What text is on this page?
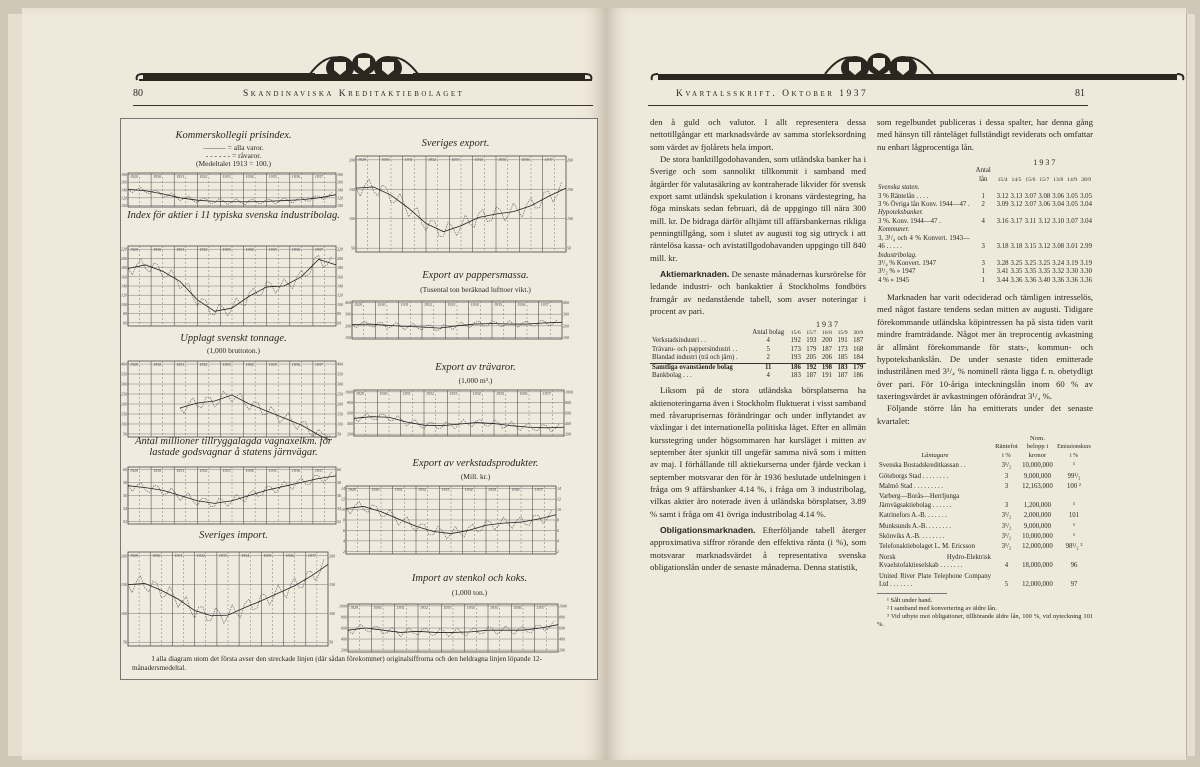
80	Skandinaviska Kreditaktiebolaget	Kvartalsskrift. Oktober 1937	81
Kommerskollegii prisindex.
——— = alla varor.
- - - - - - = råvaror.
(Medeltalet 1913 = 100.)
100	100
120	120
140	140
160	160
180	180
1929	1930	1931	1932	1933	1934	1935	1936	1937
Index för aktier i 11 typiska svenska industribolag.
60	60
80	80
100	100
120	120
140	140
160	160
180	180
200	200
220	220
1929	1930	1931	1932	1933	1934	1935	1936	1937
Upplagt svenskt tonnage.
(1,000 bruttoton.)
50	50
100	100
150	150
200	200
250	250
300	300
350	350
400	400
1929	1930	1931	1932	1933	1934	1935	1936	1937
Antal millioner tillryggalagda vagnaxelkm. för lastade godsvagnar å statens järnvägar.
52	52
54	54
56	56
58	58
60	60
1929	1930	1931	1932	1933	1934	1935	1936	1937
Sveriges import.
50	50
100	100
150	150
200	200
1929	1930	1931	1932	1933	1934	1935	1936	1937
Sveriges export.
50	50
100	100
150	150
200	200
1929	1930	1931	1932	1933	1934	1935	1936	1937
Export av pappersmassa.
(Tusental ton beräknad lufttoer vikt.)
100	100
200	200
300	300
400	400
1929	1930	1931	1932	1933	1934	1935	1936	1937
Export av trävaror.
(1,000 m³.)
200	200
400	400
600	600
800	800
1000	1000
1929	1930	1931	1932	1933	1934	1935	1936	1937
Export av verkstadsprodukter.
(Mill. kr.)
2	2
4	4
6	6
8	8
10	10
12	12
14	14
1929	1930	1931	1932	1933	1934	1935	1936	1937
Import av stenkol och koks.
(1,000 ton.)
200	200
400	400
600	600
800	800
1000	1000
1929	1930	1931	1932	1933	1934	1935	1936	1937
I alla diagram utom det första avser den streckade linjen (där sådan förekommer) originalsiffrorna och den heldragna linjen löpande 12-månadersmedeltal.

den å guld och valutor. I allt representera dessa nettotillgångar ett marknadsvärde av samma storleksordning som värdet av fjolårets hela import.

De stora banktillgodohavanden, som utländska banker ha i Sverige och som sannolikt tillkommit i samband med åtgärder för valutasäkring av kontraherade likvider för svensk export samt utländsk spekulation i kronans värdestegring, ha föga minskats sedan februari, då de uppgingo till nära 300 mill. kr. De bidraga därför alltjämt till affärsbankernas rikliga penningtillgång, som i slutet av augusti tog sig uttryck i att räntelösa kassa- och avistatillgodohavanden uppgingo till 840 mill. kr.

Aktiemarknaden. De senaste månadernas kursrörelse för ledande industri- och bankaktier å Stockholms fondbörs framgår av nedanstående tabell, som avser noteringar i procent av pari.

		1 9 3 7				
	Antal bolag	15/6	15/7	16/8	15/9	30/9
Verkstadsindustri . .	4	192	193	200	191	187
Trävaru- och pappersindustri . .	5	173	179	187	173	168
Blandad industri (trä och järn) .	2	193	205	206	185	184
Samtliga ovanstående bolag	11	186	192	198	183	179
Bankbolag . . .	4	183	187	191	187	186

Liksom på de stora utländska börsplatserna ha aktienoteringarna även i Stockholm fluktuerat i visst samband med råvaruprisernas förändringar och under inflytandet av växlingar i det internationella politiska läget. Efter en allmän kursstegring under högsommaren har kursläget i mitten av september åter sjunkit till ungefär samma nivå som i mitten av maj. I förhållande till aktiekurserna under fjärde veckan i september motsvarar den för år 1936 beslutade utdelningen i fråga om 9 affärsbanker 4.14 %, i fråga om 3 industribolag, vilkas aktier äro noterade även å utländska börsplatser, 3.89 % samt i fråga om 41 övriga industribolag 4.14 %.

Obligationsmarknaden. Efterföljande tabell återger approximativa siffror rörande den effektiva ränta (i %), som motsvarar marknadsvärdet å representativa svenska obligationslån under de senaste månaderna. Denna statistik,

som regelbundet publiceras i dessa spalter, har denna gång med hänsyn till ränteläget fullständigt reviderats och omfattar nu enbart lågprocentiga lån.

		1 9 3 7						
	Antal lån	15/4	14/5	15/6	15/7	13/8	14/9	30/9
Svenska staten.								
3 % Räntelån . . . .	1	3.12	3.13	3.07	3.08	3.06	3.05	3.05
3 % Övriga lån Konv. 1944—47 .	2	3.09	3.12	3.07	3.06	3.04	3.05	3.04
Hypoteksbanker.								
3 %. Konv. 1944—47 .	4	3.16	3.17	3.11	3.12	3.10	3.07	3.04
Kommuner.								
3, 3¹/₄ och 4 % Konvert. 1943—46 . . . . .	3	3.18	3.18	3.15	3.12	3.08	3.01	2.99
Industribolag.								
3¹/₄ % Konvert. 1947	3	3.28	3.25	3.25	3.25	3.24	3.19	3.19
3¹/₂ % » 1947	1	3.41	3.35	3.35	3.35	3.32	3.30	3.30
4 % » 1945	1	3.44	3.36	3.36	3.40	3.36	3.36	3.36

Marknaden har varit odeciderad och tämligen intresselös, med något fastare tendens sedan mitten av augusti. Tidigare förekommande utländska köpintressen ha på sista tiden varit mindre framträdande. Något mer än treprocentig avkastning är allmänt förekommande för stats-, kommun- och hypoteksbankslån. De under senaste tiden emitterade industrilånen med 3¹/₄ % nominell ränta ligga f. n. obetydligt över pari. För 10-åriga inteckningslån inom 60 % av taxeringsvärdet är avkastningen oförändrat 3¹/₄ %.

Följande större lån ha emitterats under det senaste kvartalet:

Låntagare	Räntefot i %	Nom. belopp i kronor	Emissionskurs i %
Svenska Bostadskreditkassan . .	3¹/₂	10,000,000	¹
Göteborgs Stad . . . . . . . .	3	9,000,000	99¹/₂
Malmö Stad . . . . . . . . .	3	12,163,000	100 ²
Varberg—Borås—Herrljunga Järnvägsaktiebolag . . . . . .	3	1,200,000	¹
Katrinefors A.-B. . . . . . .	3¹/₂	2,000,000	101
Munksunds A.-B. . . . . . . .	3¹/₂	9,000,000	¹
Skönviks A.-B. . . . . . . .	3¹/₂	10,000,000	¹
Telefonaktiebolaget L. M. Ericsson	3¹/₂	12,000,000	98¹/₂ ³
Norsk Hydro-Elektrisk Kvaelstofaktieselskab . . . . . . .	4	18,000,000	96
United River Plate Telephone Company Ltd . . . . . . .	5	12,000,000	97
¹ Sålt under hand.
² I samband med konvertering av äldre lån.
³ Vid utbyte mot obligationer, tillhörande äldre lån, 100 %, vid nyteckning 101 %.
